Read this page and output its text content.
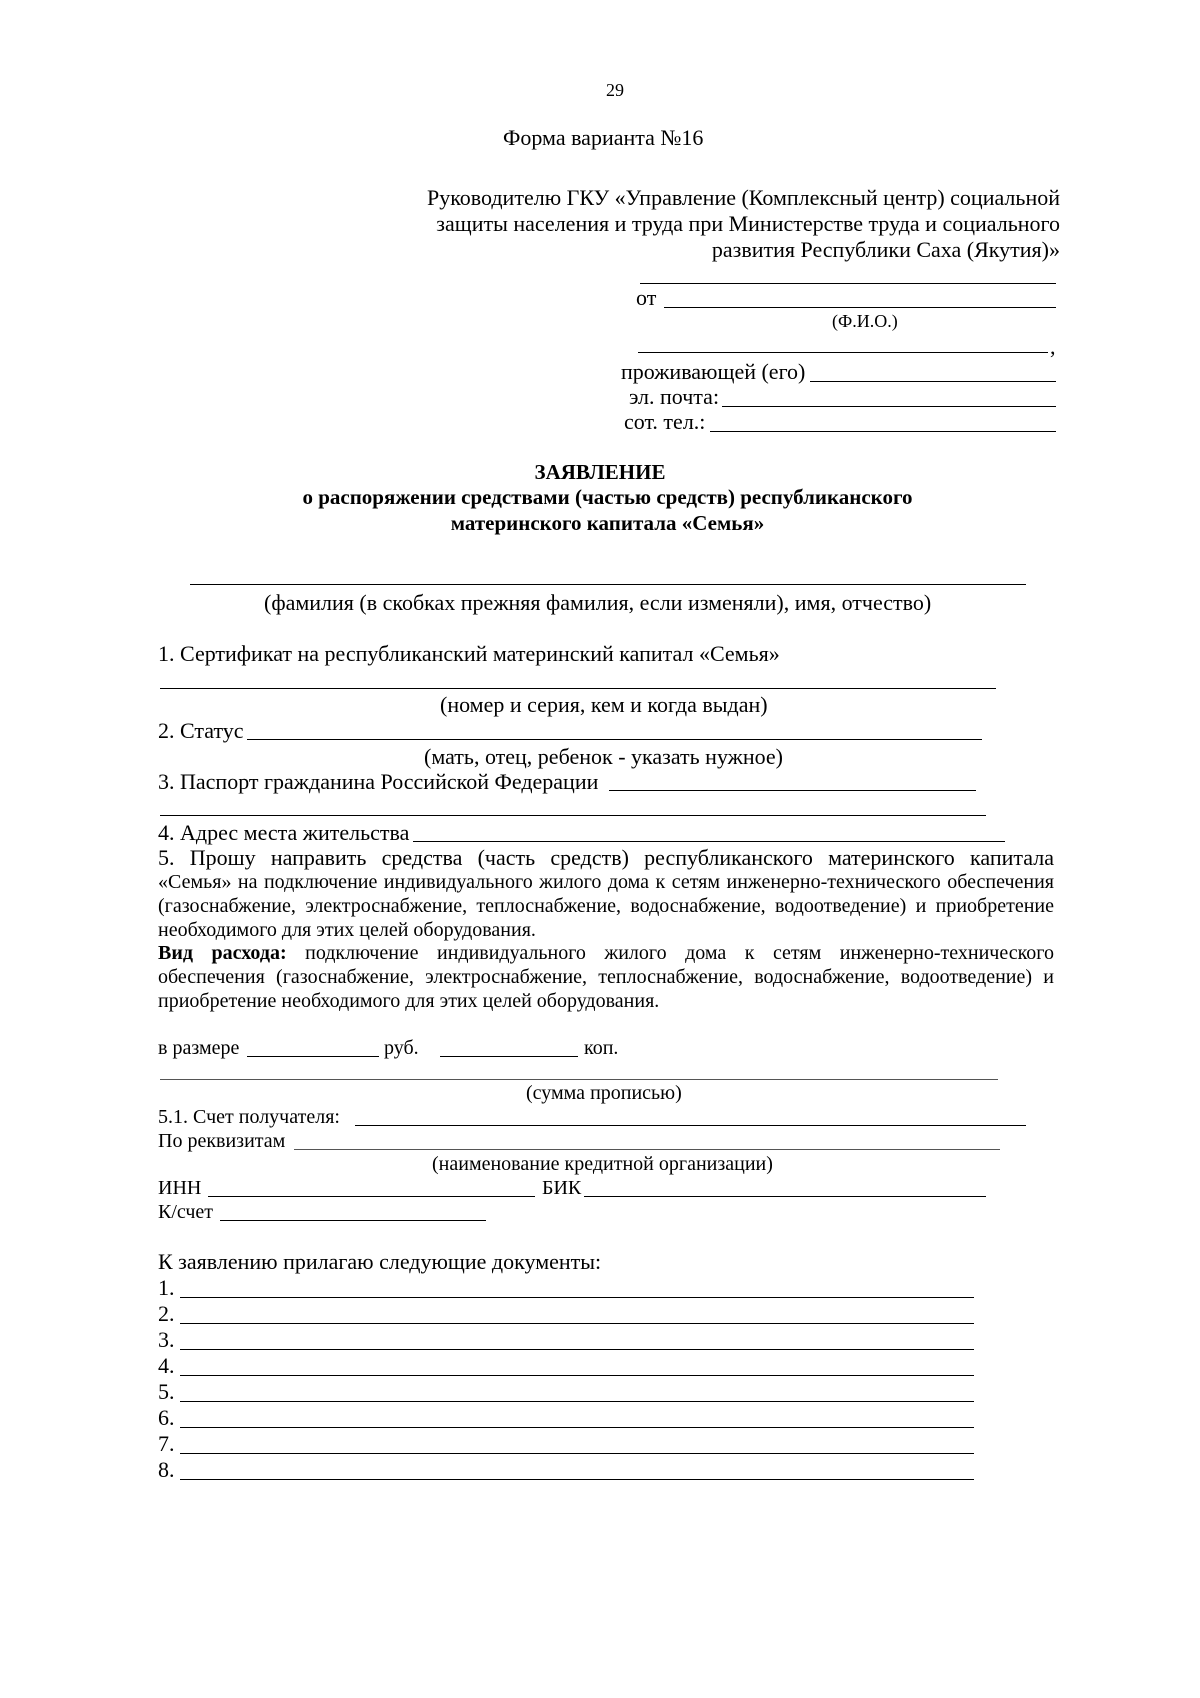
29
Форма варианта №16
Руководителю ГКУ «Управление (Комплексный центр) социальной
защиты населения и труда при Министерстве труда и социального
развития Республики Саха (Якутия)»
от
(Ф.И.О.)
,
проживающей (его)
эл. почта:
сот. тел.:
ЗАЯВЛЕНИЕ
о распоряжении средствами (частью средств) республиканского
материнского капитала «Семья»
(фамилия (в скобках прежняя фамилия, если изменяли), имя, отчество)
1. Сертификат на республиканский материнский капитал «Семья»
(номер и серия, кем и когда выдан)
2. Статус
(мать, отец, ребенок - указать нужное)
3. Паспорт гражданина Российской Федерации
4. Адрес места жительства
5. Прошу направить средства (часть средств) республиканского материнского капитала
«Семья» на подключение индивидуального жилого дома к сетям инженерно-технического обеспечения
(газоснабжение, электроснабжение, теплоснабжение, водоснабжение, водоотведение) и приобретение
необходимого для этих целей оборудования.
Вид расхода: подключение индивидуального жилого дома к сетям инженерно-технического
обеспечения (газоснабжение, электроснабжение, теплоснабжение, водоснабжение, водоотведение) и
приобретение необходимого для этих целей оборудования.
в размере	руб.	коп.
(сумма прописью)
5.1. Счет получателя:
По реквизитам
(наименование кредитной организации)
ИНН	БИК
К/счет
К заявлению прилагаю следующие документы:
1.
2.
3.
4.
5.
6.
7.
8.
